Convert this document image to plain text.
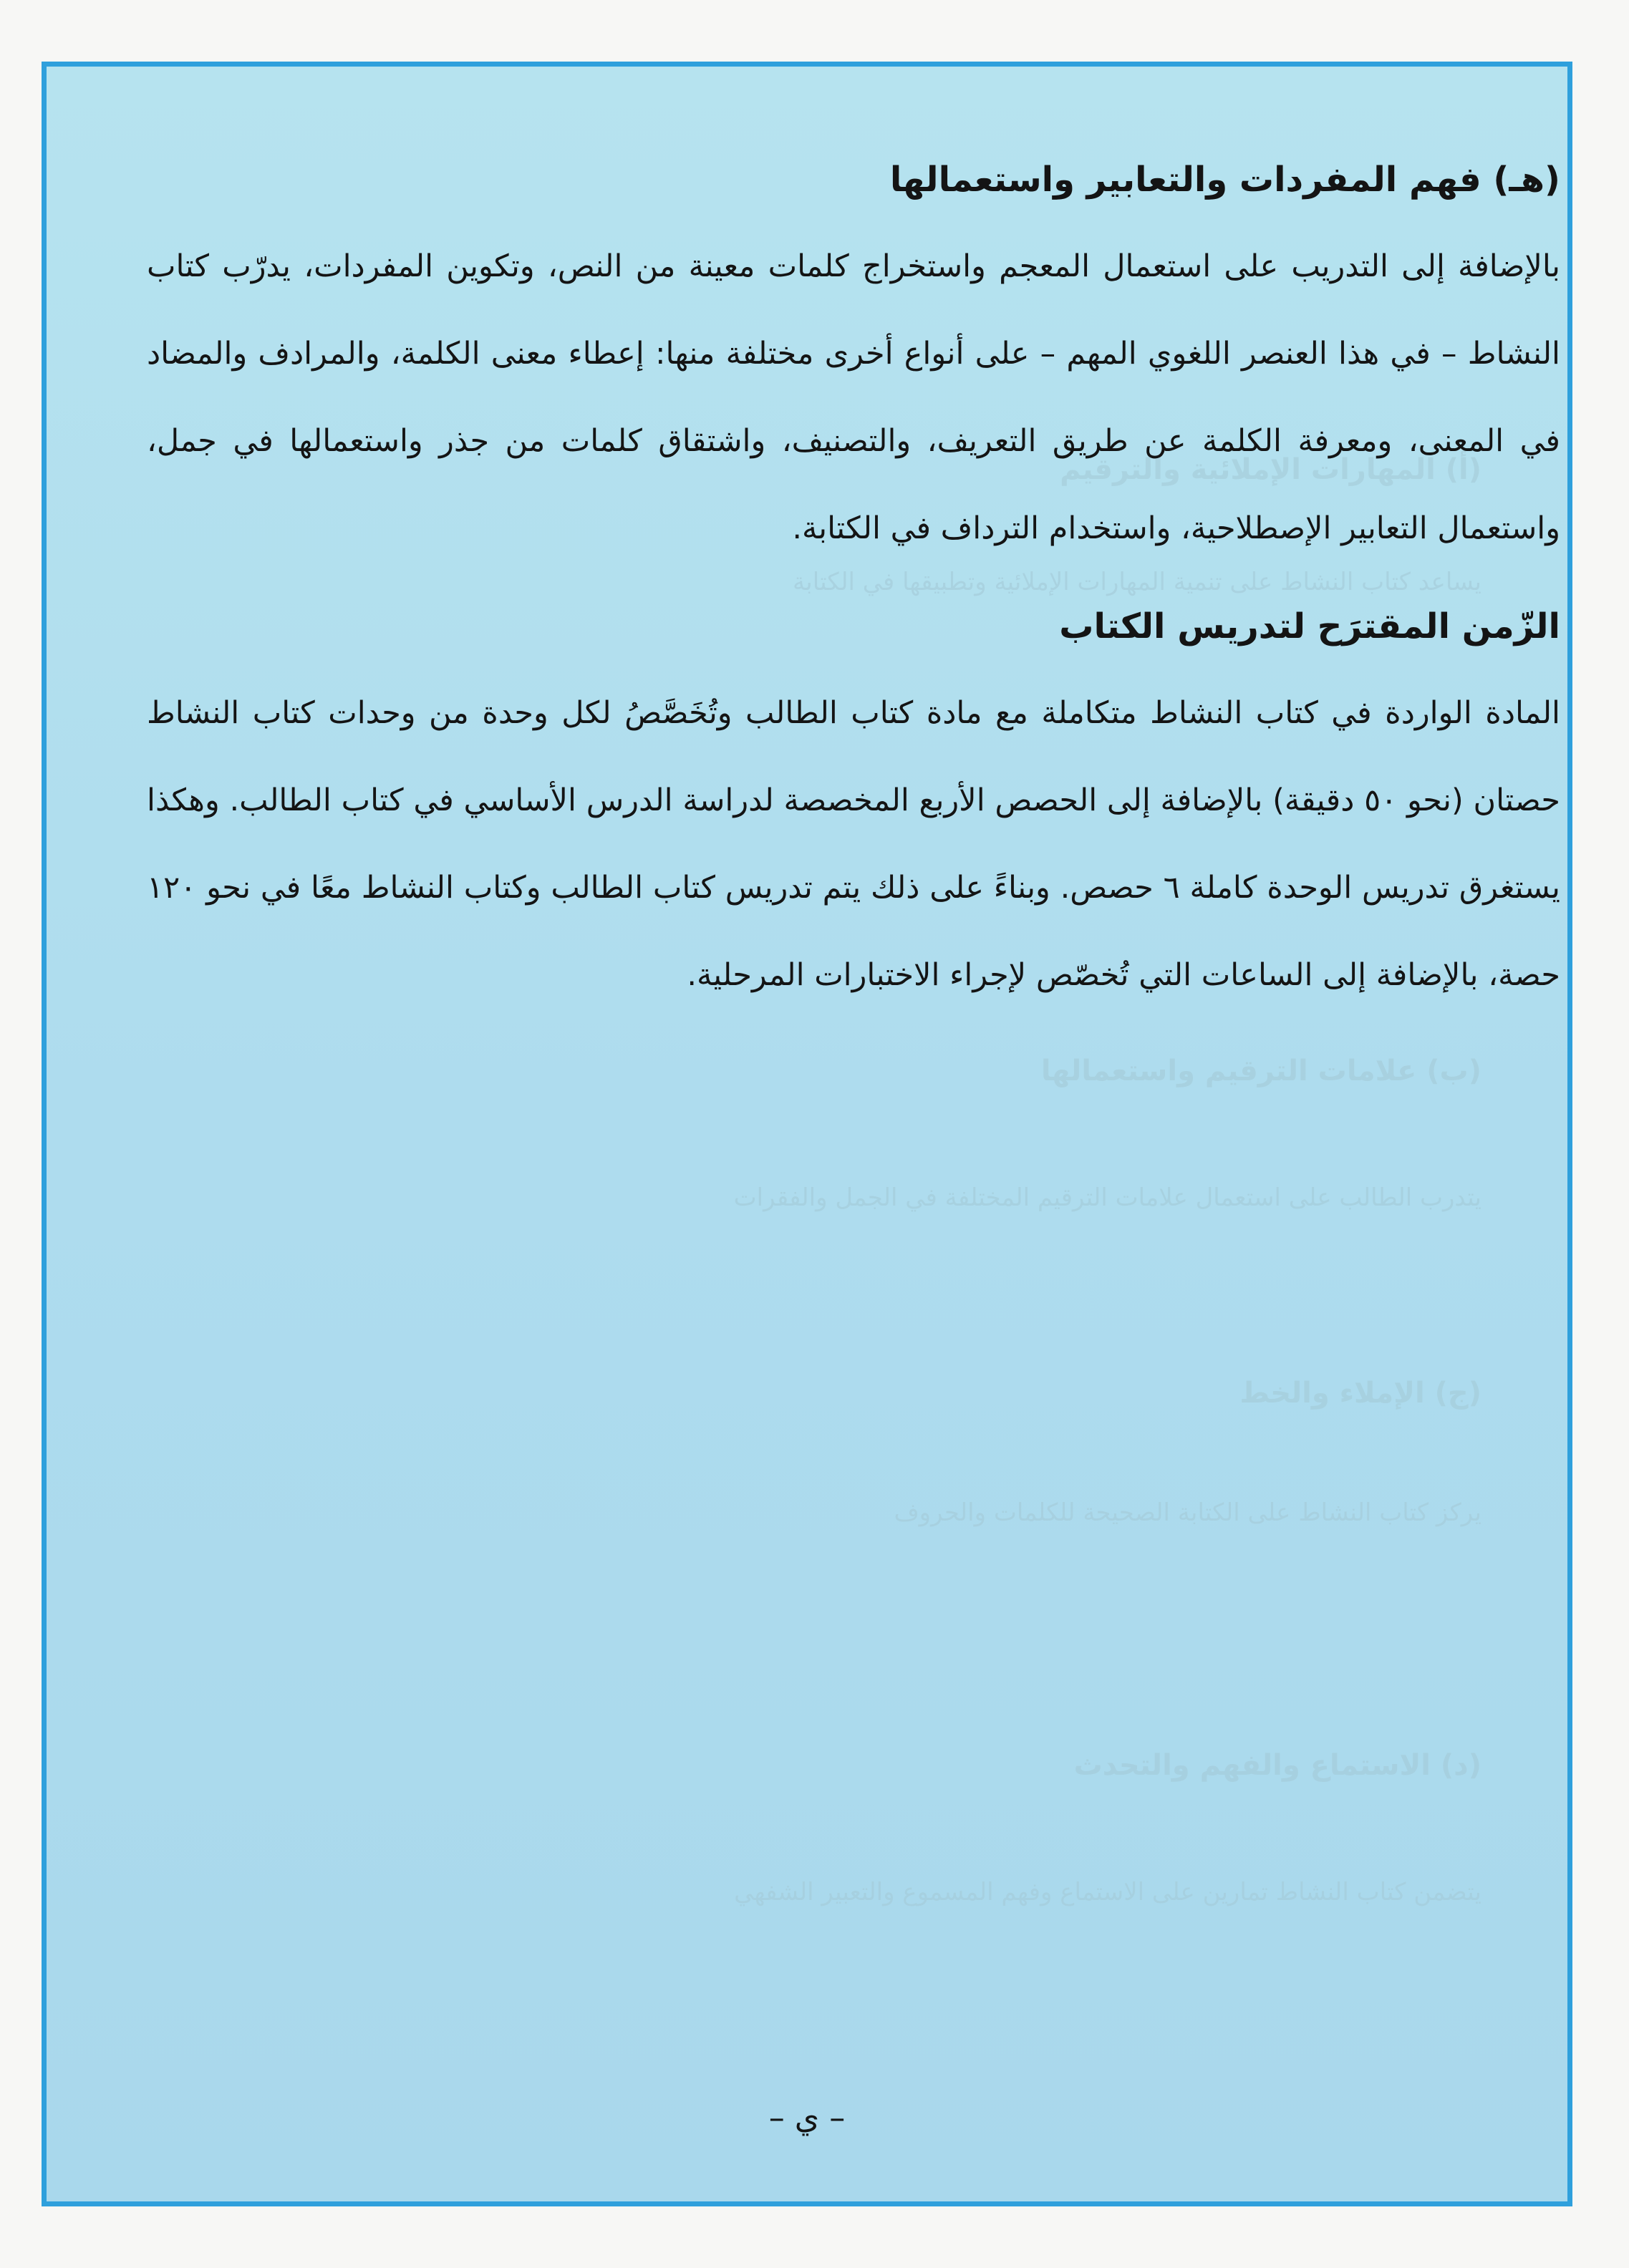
(أ) المهارات الإملائية والترقيم
يساعد كتاب النشاط على تنمية المهارات الإملائية وتطبيقها في الكتابة
(ب) علامات الترقيم واستعمالها
يتدرب الطالب على استعمال علامات الترقيم المختلفة في الجمل والفقرات
(ج) الإملاء والخط
يركز كتاب النشاط على الكتابة الصحيحة للكلمات والحروف
(د) الاستماع والفهم والتحدث
يتضمن كتاب النشاط تمارين على الاستماع وفهم المسموع والتعبير الشفهي
(هـ) فهم المفردات والتعابير واستعمالها

بالإضافة إلى التدريب على استعمال المعجم واستخراج كلمات معينة من النص، وتكوين المفردات، يدرّب كتاب النشاط – في هذا العنصر اللغوي المهم – على أنواع أخرى مختلفة منها: إعطاء معنى الكلمة، والمرادف والمضاد في المعنى، ومعرفة الكلمة عن طريق التعريف، والتصنيف، واشتقاق كلمات من جذر واستعمالها في جمل، واستعمال التعابير الإصطلاحية، واستخدام الترداف في الكتابة.

الزّمن المقترَح لتدريس الكتاب

المادة الواردة في كتاب النشاط متكاملة مع مادة كتاب الطالب وتُخَصَّصُ لكل وحدة من وحدات كتاب النشاط حصتان (نحو ٥٠ دقيقة) بالإضافة إلى الحصص الأربع المخصصة لدراسة الدرس الأساسي في كتاب الطالب. وهكذا يستغرق تدريس الوحدة كاملة ٦ حصص. وبناءً على ذلك يتم تدريس كتاب الطالب وكتاب النشاط معًا في نحو ١٢٠ حصة، بالإضافة إلى الساعات التي تُخصّص لإجراء الاختبارات المرحلية.

– ي –
